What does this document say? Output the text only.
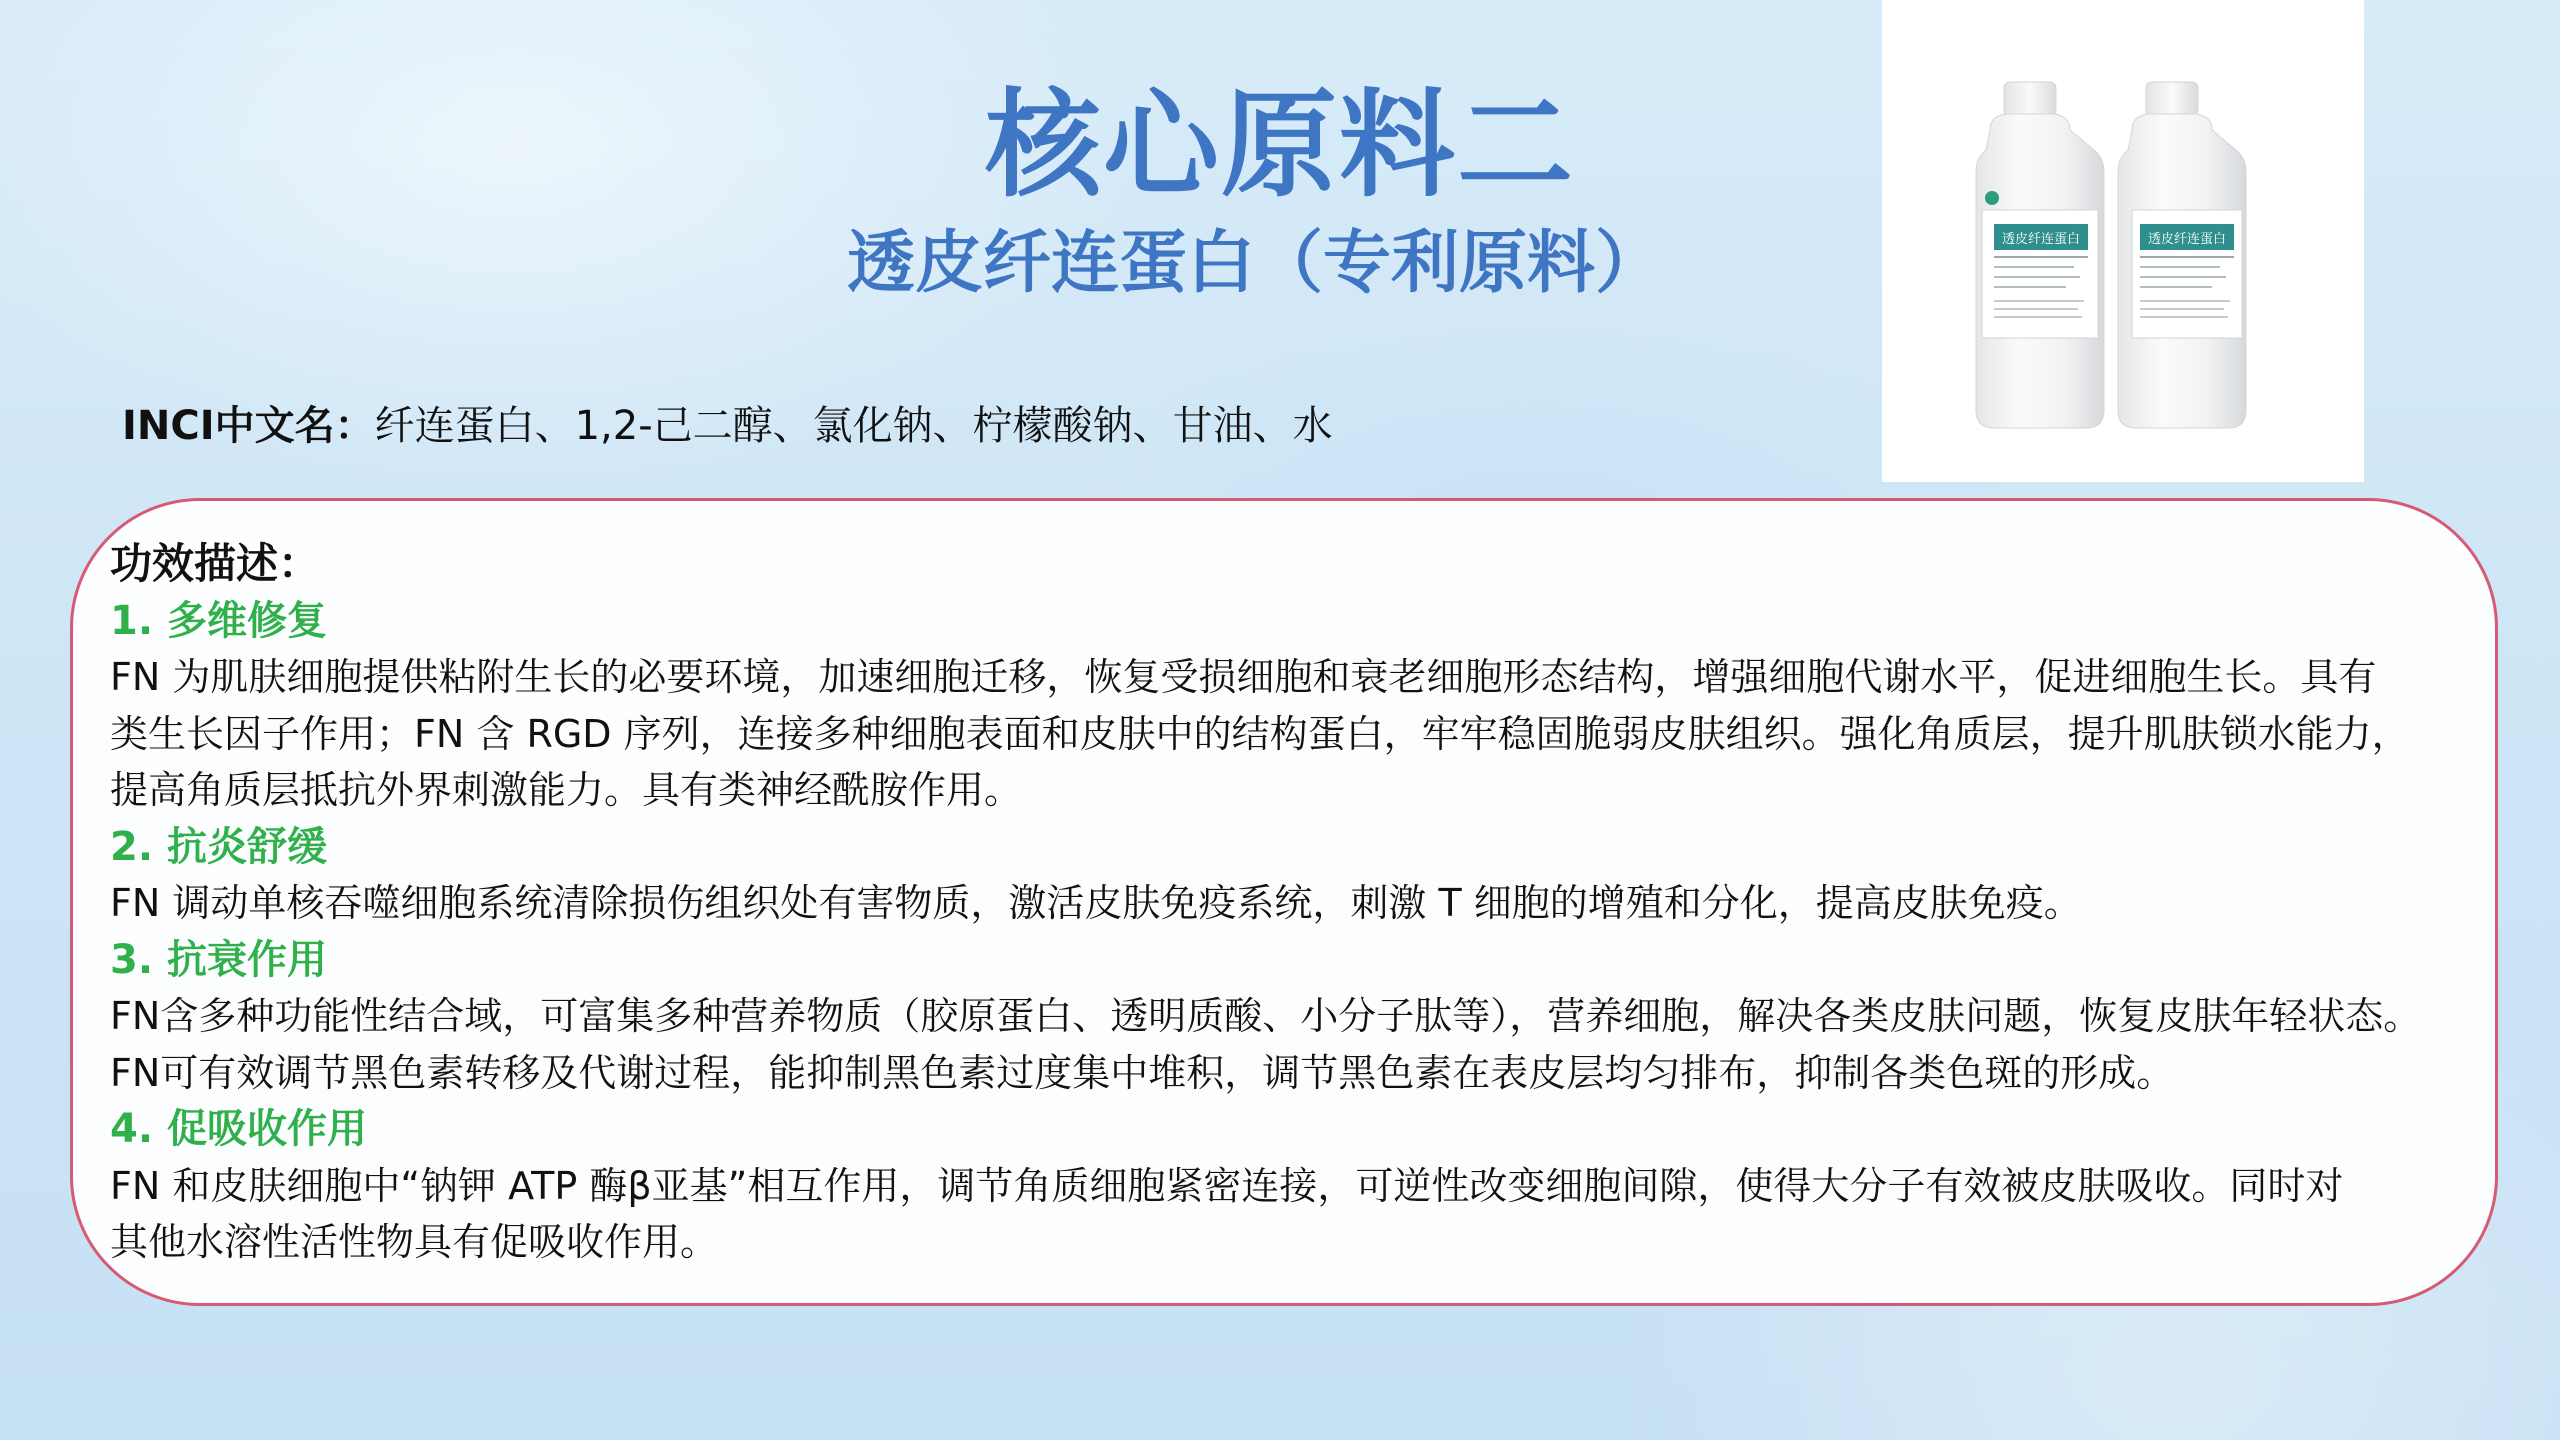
核心原料二
透皮纤连蛋白（专利原料）	透皮纤连蛋白	透皮纤连蛋白
INCI中文名：纤连蛋白、1,2-己二醇、氯化钠、柠檬酸钠、甘油、水
功效描述：
1. 多维修复
FN 为肌肤细胞提供粘附生长的必要环境，加速细胞迁移，恢复受损细胞和衰老细胞形态结构，增强细胞代谢水平，促进细胞生长。具有
类生长因子作用；FN 含 RGD 序列，连接多种细胞表面和皮肤中的结构蛋白，牢牢稳固脆弱皮肤组织。强化角质层，提升肌肤锁水能力，
提高角质层抵抗外界刺激能力。具有类神经酰胺作用。
2. 抗炎舒缓
FN 调动单核吞噬细胞系统清除损伤组织处有害物质，激活皮肤免疫系统，刺激 T 细胞的增殖和分化，提高皮肤免疫。
3. 抗衰作用
FN含多种功能性结合域，可富集多种营养物质（胶原蛋白、透明质酸、小分子肽等），营养细胞，解决各类皮肤问题，恢复皮肤年轻状态。
FN可有效调节黑色素转移及代谢过程，能抑制黑色素过度集中堆积，调节黑色素在表皮层均匀排布，抑制各类色斑的形成。
4. 促吸收作用
FN 和皮肤细胞中“钠钾 ATP 酶β亚基”相互作用，调节角质细胞紧密连接，可逆性改变细胞间隙，使得大分子有效被皮肤吸收。同时对
其他水溶性活性物具有促吸收作用。
